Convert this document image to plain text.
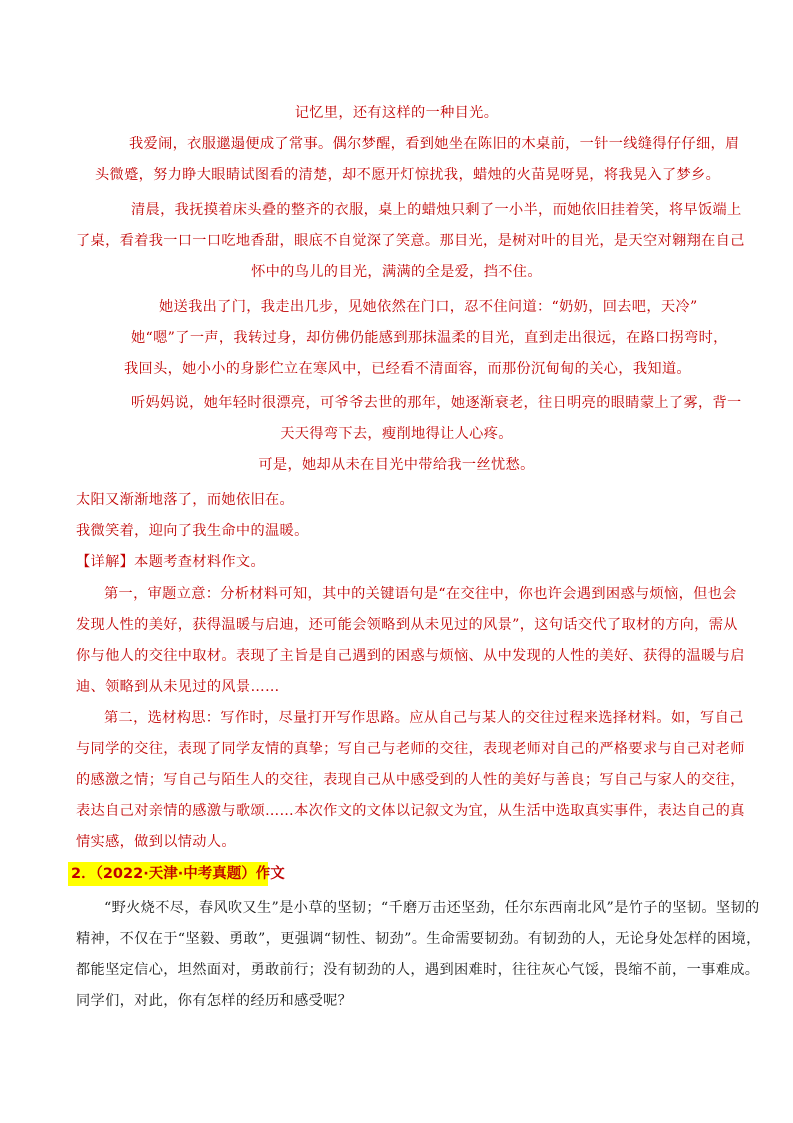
记忆里，还有这样的一种目光。

我爱闹，衣服邋遢便成了常事。偶尔梦醒，看到她坐在陈旧的木桌前，一针一线缝得仔仔细，眉

头微蹙，努力睁大眼睛试图看的清楚，却不愿开灯惊扰我，蜡烛的火苗晃呀晃，将我晃入了梦乡。

清晨，我抚摸着床头叠的整齐的衣服，桌上的蜡烛只剩了一小半，而她依旧挂着笑，将早饭端上

了桌，看着我一口一口吃地香甜，眼底不自觉深了笑意。那目光，是树对叶的目光，是天空对翱翔在自己

怀中的鸟儿的目光，满满的全是爱，挡不住。

她送我出了门，我走出几步，见她依然在门口，忍不住问道：“奶奶，回去吧，天冷”

她“嗯”了一声，我转过身，却仿佛仍能感到那抹温柔的目光，直到走出很远，在路口拐弯时，

我回头，她小小的身影伫立在寒风中，已经看不清面容，而那份沉甸甸的关心，我知道。

听妈妈说，她年轻时很漂亮，可爷爷去世的那年，她逐渐衰老，往日明亮的眼睛蒙上了雾，背一

天天得弯下去，瘦削地得让人心疼。

可是，她却从未在目光中带给我一丝忧愁。

太阳又渐渐地落了，而她依旧在。

我微笑着，迎向了我生命中的温暖。

【详解】本题考查材料作文。

第一，审题立意：分析材料可知，其中的关键语句是“在交往中，你也许会遇到困惑与烦恼，但也会

发现人性的美好，获得温暖与启迪，还可能会领略到从未见过的风景”，这句话交代了取材的方向，需从

你与他人的交往中取材。表现了主旨是自己遇到的困惑与烦恼、从中发现的人性的美好、获得的温暖与启

迪、领略到从未见过的风景……

第二，选材构思：写作时，尽量打开写作思路。应从自己与某人的交往过程来选择材料。如，写自己

与同学的交往，表现了同学友情的真挚；写自己与老师的交往，表现老师对自己的严格要求与自己对老师

的感激之情；写自己与陌生人的交往，表现自己从中感受到的人性的美好与善良；写自己与家人的交往，

表达自己对亲情的感激与歌颂……本次作文的文体以记叙文为宜，从生活中选取真实事件，表达自己的真

情实感，做到以情动人。

2．（2022·天津·中考真题）作文

“野火烧不尽，春风吹又生”是小草的坚韧；“千磨万击还坚劲，任尔东西南北风”是竹子的坚韧。坚韧的

精神，不仅在于“坚毅、勇敢”，更强调“韧性、韧劲”。生命需要韧劲。有韧劲的人，无论身处怎样的困境，

都能坚定信心，坦然面对，勇敢前行；没有韧劲的人，遇到困难时，往往灰心气馁，畏缩不前，一事难成。

同学们，对此，你有怎样的经历和感受呢？
